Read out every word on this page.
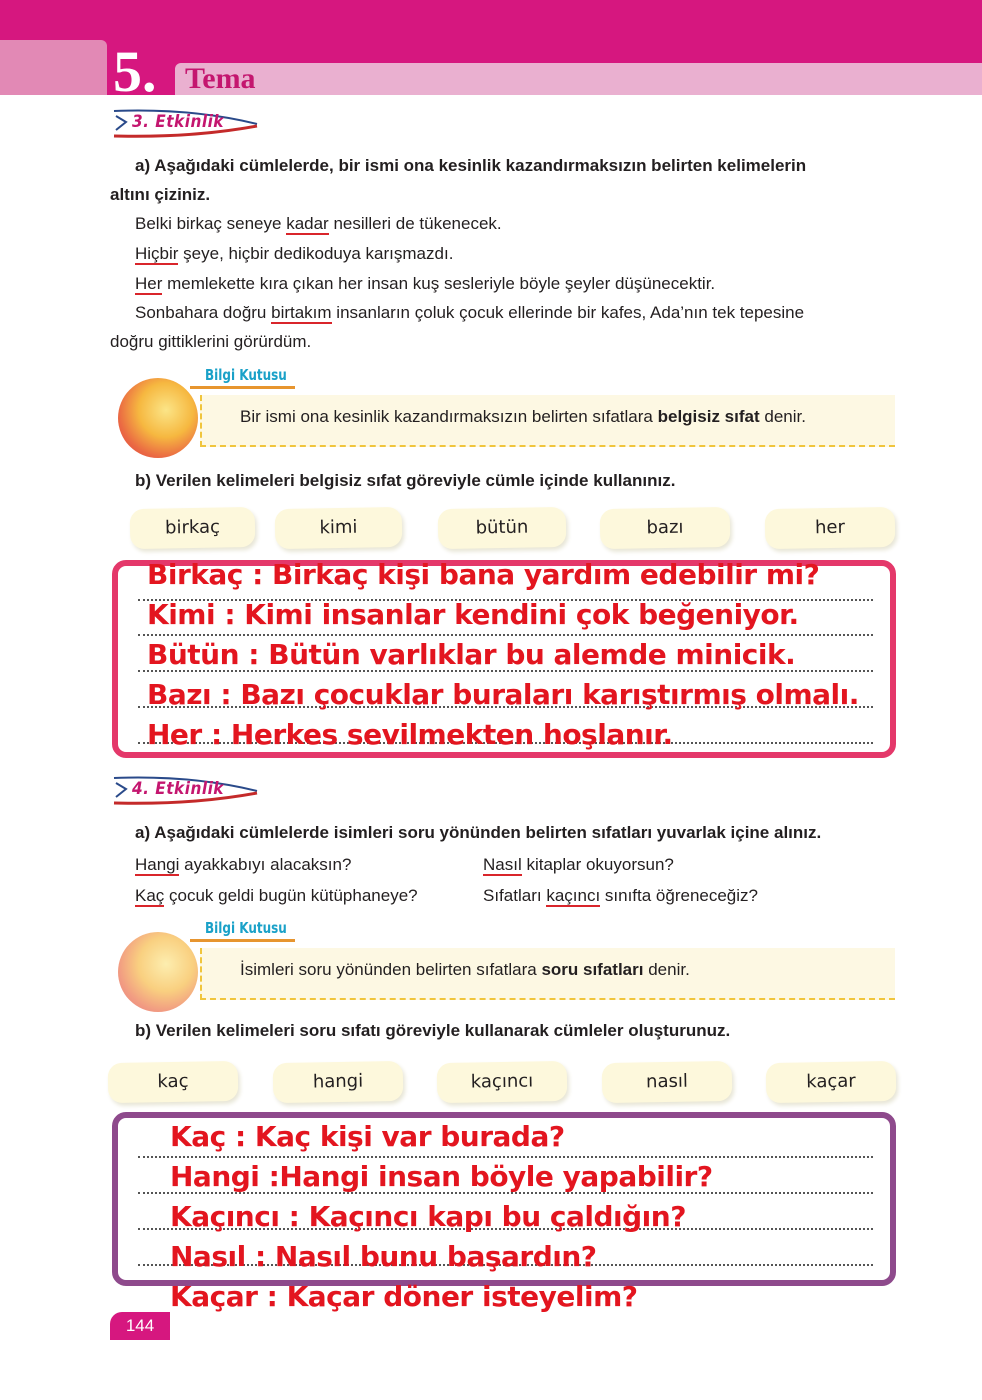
5. Tema
3. Etkinlik
a) Aşağıdaki cümlelerde, bir ismi ona kesinlik kazandırmaksızın belirten kelimelerin
altını çiziniz.
Belki birkaç seneye kadar nesilleri de tükenecek.
Hiçbir şeye, hiçbir dedikoduya karışmazdı.
Her memlekette kıra çıkan her insan kuş sesleriyle böyle şeyler düşünecektir.
Sonbahara doğru birtakım insanların çoluk çocuk ellerinde bir kafes, Ada’nın tek tepesine
doğru gittiklerini görürdüm.
Bilgi Kutusu
Bir ismi ona kesinlik kazandırmaksızın belirten sıfatlara belgisiz sıfat denir.
b) Verilen kelimeleri belgisiz sıfat göreviyle cümle içinde kullanınız.
birkaç	kimi	bütün	bazı	her
Birkaç : Birkaç kişi bana yardım edebilir mi?
Kimi : Kimi insanlar kendini çok beğeniyor.
Bütün : Bütün varlıklar bu alemde minicik.
Bazı : Bazı çocuklar buraları karıştırmış olmalı.
Her : Herkes sevilmekten hoşlanır.
4. Etkinlik
a) Aşağıdaki cümlelerde isimleri soru yönünden belirten sıfatları yuvarlak içine alınız.
Hangi ayakkabıyı alacaksın?	Nasıl kitaplar okuyorsun?
Kaç çocuk geldi bugün kütüphaneye?	Sıfatları kaçıncı sınıfta öğreneceğiz?
Bilgi Kutusu
İsimleri soru yönünden belirten sıfatlara soru sıfatları denir.
b) Verilen kelimeleri soru sıfatı göreviyle kullanarak cümleler oluşturunuz.
kaç	hangi	kaçıncı	nasıl	kaçar
Kaç : Kaç kişi var burada?
Hangi :Hangi insan böyle yapabilir?
Kaçıncı : Kaçıncı kapı bu çaldığın?
Nasıl : Nasıl bunu başardın?
Kaçar : Kaçar döner isteyelim?
144
